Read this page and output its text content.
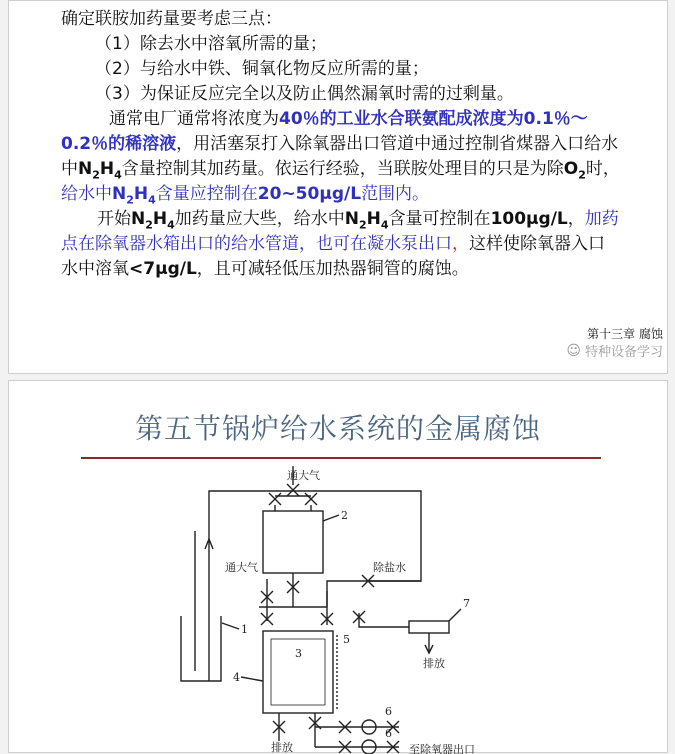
确定联胺加药量要考虑三点：

（1）除去水中溶氧所需的量；

（2）与给水中铁、铜氧化物反应所需的量；

（3）为保证反应完全以及防止偶然漏氧时需的过剩量。

通常电厂通常将浓度为40％的工业水合联氨配成浓度为0.1％～0.2％的稀溶液，用活塞泵打入除氧器出口管道中通过控制省煤器入口给水中$N_2H_4$含量控制其加药量。依运行经验，当联胺处理目的只是为除$O_2$时，给水中$N_2H_4$含量应控制在20~50μg/L范围内。

开始$N_2H_4$加药量应大些，给水中$N_2H_4$含量可控制在100μg/L，加药点在除氧器水箱出口的给水管道，也可在凝水泵出口，这样使除氧器入口水中溶氧<7μg/L，且可减轻低压加热器铜管的腐蚀。

第十三章 腐蚀
☺ 特种设备学习
第五节锅炉给水系统的金属腐蚀
通大气
通大气	除盐水
排放
排放	至除氧器出口
1
2
3
4
5
6
6
7
